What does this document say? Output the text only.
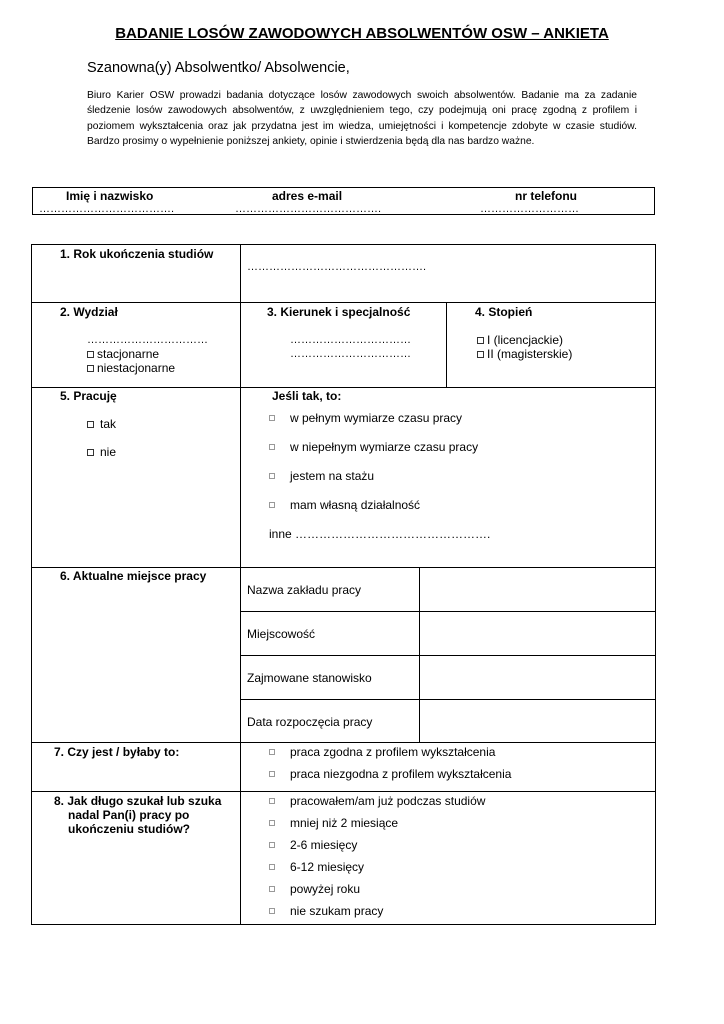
BADANIE LOSÓW ZAWODOWYCH ABSOLWENTÓW OSW – ANKIETA
Szanowna(y) Absolwentko/ Absolwencie,
Biuro Karier OSW prowadzi badania dotyczące losów zawodowych swoich absolwentów. Badanie ma za zadanie śledzenie losów zawodowych absolwentów, z uwzględnieniem tego, czy podejmują oni pracę zgodną z profilem i poziomem wykształcenia oraz jak przydatna jest im wiedza, umiejętności i kompetencje zdobyte w czasie studiów. Bardzo prosimy o wypełnienie poniższej ankiety, opinie i stwierdzenia będą dla nas bardzo ważne.
Imię i nazwisko	adres e-mail	nr telefonu
……………………………….	………………………………….	………………………
1. Rok ukończenia studiów
………………………………………….
2. Wydział
……………………………
stacjonarne
niestacjonarne
3. Kierunek i specjalność
……………………………
……………………………
4. Stopień
I (licencjackie)
II (magisterskie)
5. Pracuję
tak
nie
Jeśli tak, to:
w pełnym wymiarze czasu pracy
w niepełnym wymiarze czasu pracy
jestem na stażu
mam własną działalność
inne ………………………………………….
6. Aktualne miejsce pracy
Nazwa zakładu pracy
Miejscowość
Zajmowane stanowisko
Data rozpoczęcia pracy
7. Czy jest / byłaby to:	praca zgodna z profilem wykształcenia
praca niezgodna z profilem wykształcenia
8. Jak długo szukał lub szuka
nadal Pan(i) pracy po
ukończeniu studiów?
pracowałem/am już podczas studiów
mniej niż 2 miesiące
2-6 miesięcy
6-12 miesięcy
powyżej roku
nie szukam pracy
